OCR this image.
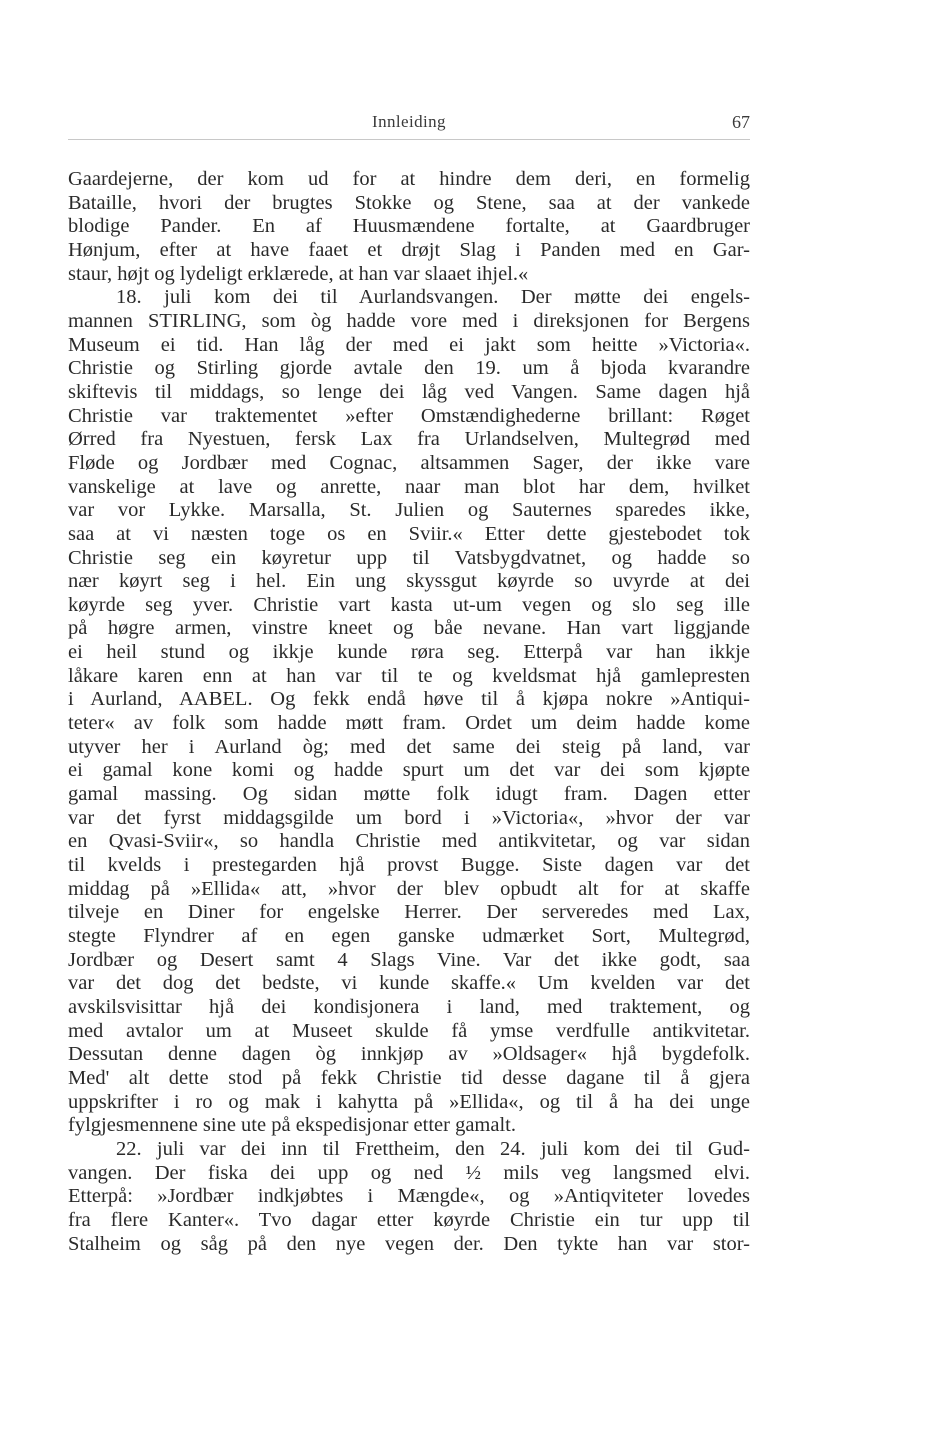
Innleiding	67
Gaardejerne, der kom ud for at hindre dem deri, en formelig
Bataille, hvori der brugtes Stokke og Stene, saa at der vankede
blodige Pander. En af Huusmændene fortalte, at Gaardbruger
Hønjum, efter at have faaet et drøjt Slag i Panden med en Gar-
staur, højt og lydeligt erklærede, at han var slaaet ihjel.«
18. juli kom dei til Aurlandsvangen. Der møtte dei engels-
mannen STIRLING, som òg hadde vore med i direksjonen for Bergens
Museum ei tid. Han låg der med ei jakt som heitte »Victoria«.
Christie og Stirling gjorde avtale den 19. um å bjoda kvarandre
skiftevis til middags, so lenge dei låg ved Vangen. Same dagen hjå
Christie var traktementet »efter Omstændighederne brillant: Røget
Ørred fra Nyestuen, fersk Lax fra Urlandselven, Multegrød med
Fløde og Jordbær med Cognac, altsammen Sager, der ikke vare
vanskelige at lave og anrette, naar man blot har dem, hvilket
var vor Lykke. Marsalla, St. Julien og Sauternes sparedes ikke,
saa at vi næsten toge os en Sviir.« Etter dette gjestebodet tok
Christie seg ein køyretur upp til Vatsbygdvatnet, og hadde so
nær køyrt seg i hel. Ein ung skyssgut køyrde so uvyrde at dei
køyrde seg yver. Christie vart kasta ut-um vegen og slo seg ille
på høgre armen, vinstre kneet og båe nevane. Han vart liggjande
ei heil stund og ikkje kunde røra seg. Etterpå var han ikkje
låkare karen enn at han var til te og kveldsmat hjå gamlepresten
i Aurland, AABEL. Og fekk endå høve til å kjøpa nokre »Antiqui-
teter« av folk som hadde møtt fram. Ordet um deim hadde kome
utyver her i Aurland òg; med det same dei steig på land, var
ei gamal kone komi og hadde spurt um det var dei som kjøpte
gamal massing. Og sidan møtte folk idugt fram. Dagen etter
var det fyrst middagsgilde um bord i »Victoria«, »hvor der var
en Qvasi-Sviir«, so handla Christie med antikvitetar, og var sidan
til kvelds i prestegarden hjå provst Bugge. Siste dagen var det
middag på »Ellida« att, »hvor der blev opbudt alt for at skaffe
tilveje en Diner for engelske Herrer. Der serveredes med Lax,
stegte Flyndrer af en egen ganske udmærket Sort, Multegrød,
Jordbær og Desert samt 4 Slags Vine. Var det ikke godt, saa
var det dog det bedste, vi kunde skaffe.« Um kvelden var det
avskilsvisittar hjå dei kondisjonera i land, med traktement, og
med avtalor um at Museet skulde få ymse verdfulle antikvitetar.
Dessutan denne dagen òg innkjøp av »Oldsager« hjå bygdefolk.
Med' alt dette stod på fekk Christie tid desse dagane til å gjera
uppskrifter i ro og mak i kahytta på »Ellida«, og til å ha dei unge
fylgjesmennene sine ute på ekspedisjonar etter gamalt.
22. juli var dei inn til Frettheim, den 24. juli kom dei til Gud-
vangen. Der fiska dei upp og ned ½ mils veg langsmed elvi.
Etterpå: »Jordbær indkjøbtes i Mængde«, og »Antiqviteter lovedes
fra flere Kanter«. Tvo dagar etter køyrde Christie ein tur upp til
Stalheim og såg på den nye vegen der. Den tykte han var stor-
